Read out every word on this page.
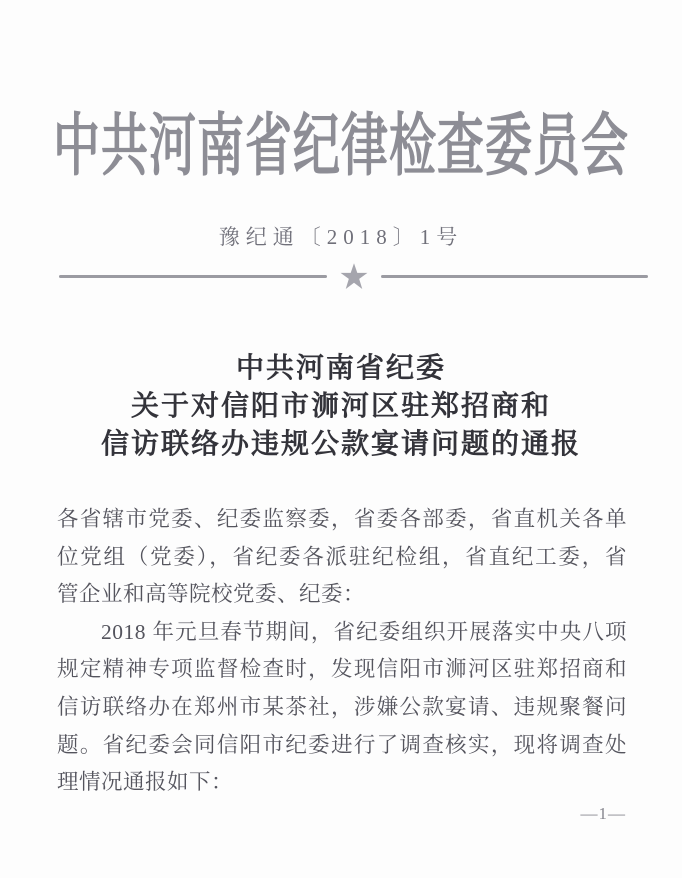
中共河南省纪律检查委员会
豫纪通〔2018〕1号
中共河南省纪委
关于对信阳市浉河区驻郑招商和
信访联络办违规公款宴请问题的通报
各省辖市党委、纪委监察委，省委各部委，省直机关各单
位党组（党委），省纪委各派驻纪检组，省直纪工委，省
管企业和高等院校党委、纪委：
2018 年元旦春节期间，省纪委组织开展落实中央八项
规定精神专项监督检查时，发现信阳市浉河区驻郑招商和
信访联络办在郑州市某茶社，涉嫌公款宴请、违规聚餐问
题。省纪委会同信阳市纪委进行了调查核实，现将调查处
理情况通报如下：
—1—
